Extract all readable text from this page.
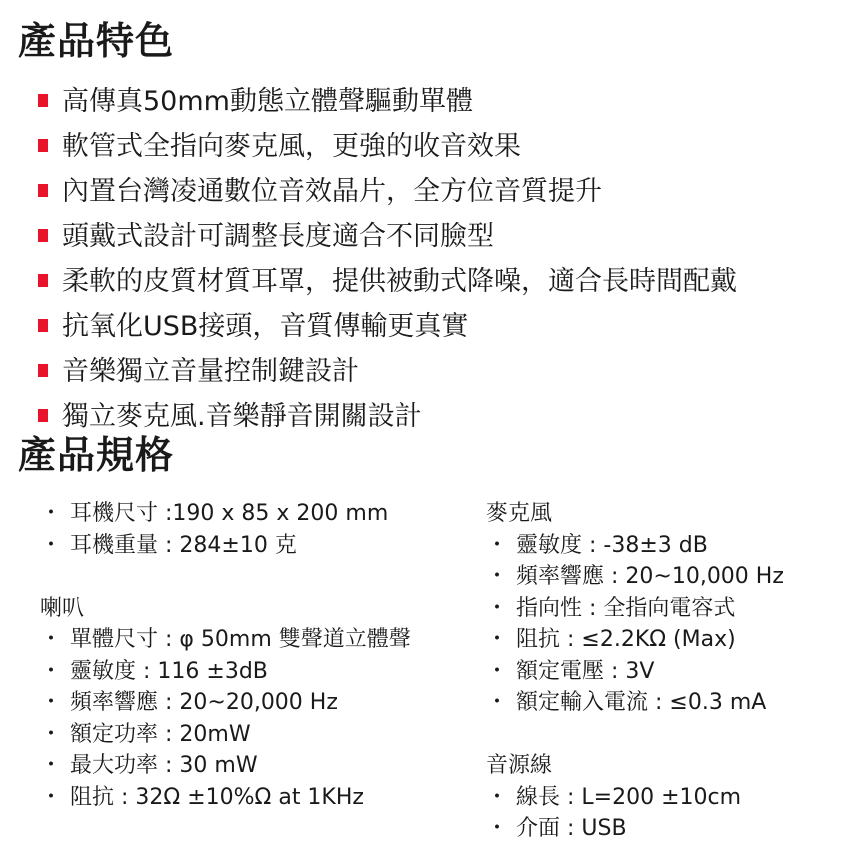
產品特色
高傳真50mm動態立體聲驅動單體
軟管式全指向麥克風，更強的收音效果
內置台灣凌通數位音效晶片，全方位音質提升
頭戴式設計可調整長度適合不同臉型
柔軟的皮質材質耳罩，提供被動式降噪，適合長時間配戴
抗氧化USB接頭，音質傳輸更真實
音樂獨立音量控制鍵設計
獨立麥克風.音樂靜音開關設計
產品規格
・ 耳機尺寸 :190 x 85 x 200 mm
・ 耳機重量 : 284±10 克
喇叭
・ 單體尺寸 : φ 50mm 雙聲道立體聲
・ 靈敏度 : 116 ±3dB
・ 頻率響應 : 20~20,000 Hz
・ 額定功率 : 20mW
・ 最大功率 : 30 mW
・ 阻抗 : 32Ω ±10%Ω at 1KHz
麥克風
・ 靈敏度 : -38±3 dB
・ 頻率響應 : 20~10,000 Hz
・ 指向性 : 全指向電容式
・ 阻抗 : ≤2.2KΩ (Max)
・ 額定電壓 : 3V
・ 額定輸入電流 : ≤0.3 mA
音源線
・ 線長 : L=200 ±10cm
・ 介面 : USB
